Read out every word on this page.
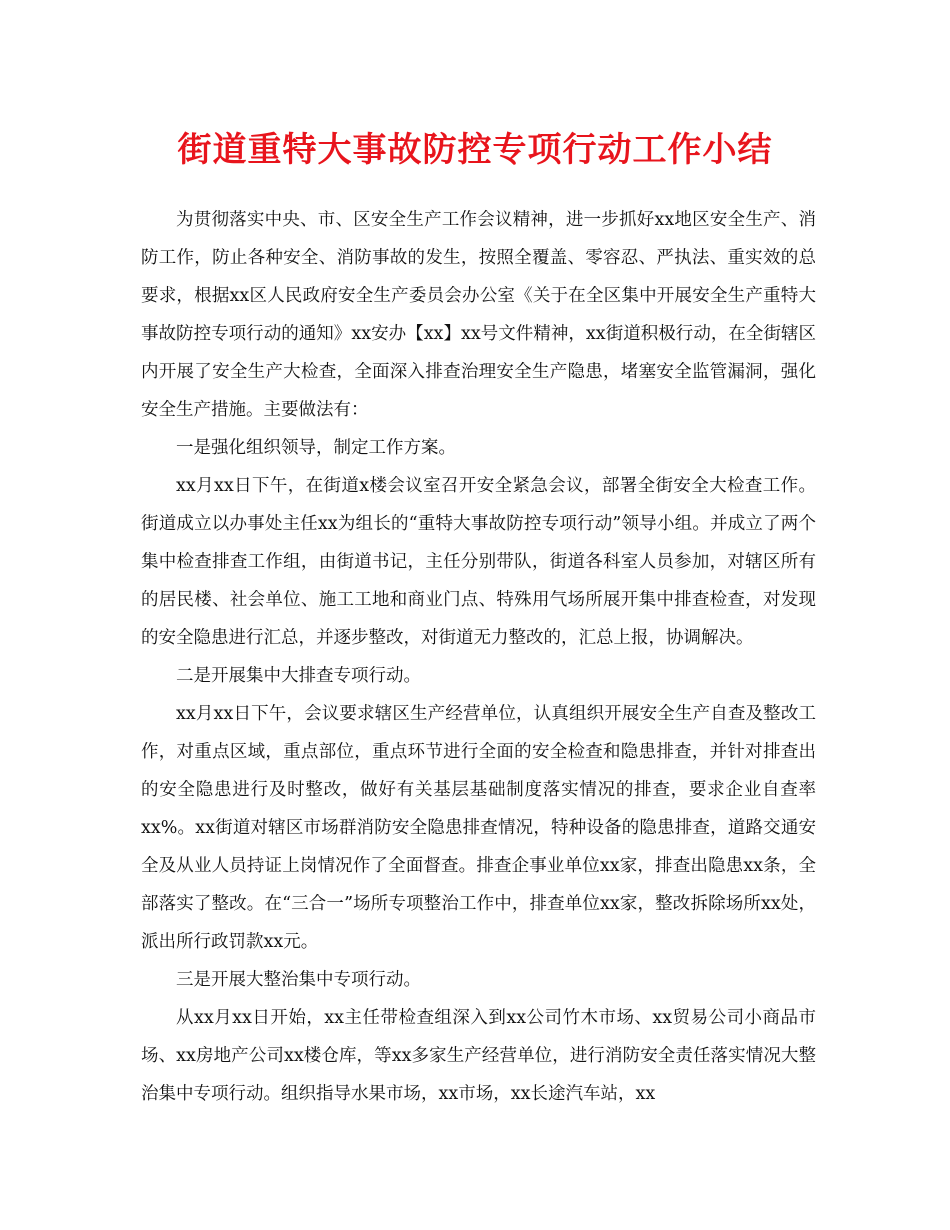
街道重特大事故防控专项行动工作小结

为贯彻落实中央、市、区安全生产工作会议精神，进一步抓好xx地区安全生产、消防工作，防止各种安全、消防事故的发生，按照全覆盖、零容忍、严执法、重实效的总要求，根据xx区人民政府安全生产委员会办公室《关于在全区集中开展安全生产重特大事故防控专项行动的通知》xx安办【xx】xx号文件精神，xx街道积极行动，在全街辖区内开展了安全生产大检查，全面深入排查治理安全生产隐患，堵塞安全监管漏洞，强化安全生产措施。主要做法有：

一是强化组织领导，制定工作方案。

xx月xx日下午，在街道x楼会议室召开安全紧急会议，部署全街安全大检查工作。街道成立以办事处主任xx为组长的“重特大事故防控专项行动”领导小组。并成立了两个集中检查排查工作组，由街道书记，主任分别带队，街道各科室人员参加，对辖区所有的居民楼、社会单位、施工工地和商业门点、特殊用气场所展开集中排查检查，对发现的安全隐患进行汇总，并逐步整改，对街道无力整改的，汇总上报，协调解决。

二是开展集中大排查专项行动。

xx月xx日下午，会议要求辖区生产经营单位，认真组织开展安全生产自查及整改工作，对重点区域，重点部位，重点环节进行全面的安全检查和隐患排查，并针对排查出的安全隐患进行及时整改，做好有关基层基础制度落实情况的排查，要求企业自查率xx%。xx街道对辖区市场群消防安全隐患排查情况，特种设备的隐患排查，道路交通安全及从业人员持证上岗情况作了全面督查。排查企事业单位xx家，排查出隐患xx条，全部落实了整改。在“三合一”场所专项整治工作中，排查单位xx家，整改拆除场所xx处，派出所行政罚款xx元。

三是开展大整治集中专项行动。

从xx月xx日开始，xx主任带检查组深入到xx公司竹木市场、xx贸易公司小商品市场、xx房地产公司xx楼仓库，等xx多家生产经营单位，进行消防安全责任落实情况大整治集中专项行动。组织指导水果市场，xx市场，xx长途汽车站，xx
